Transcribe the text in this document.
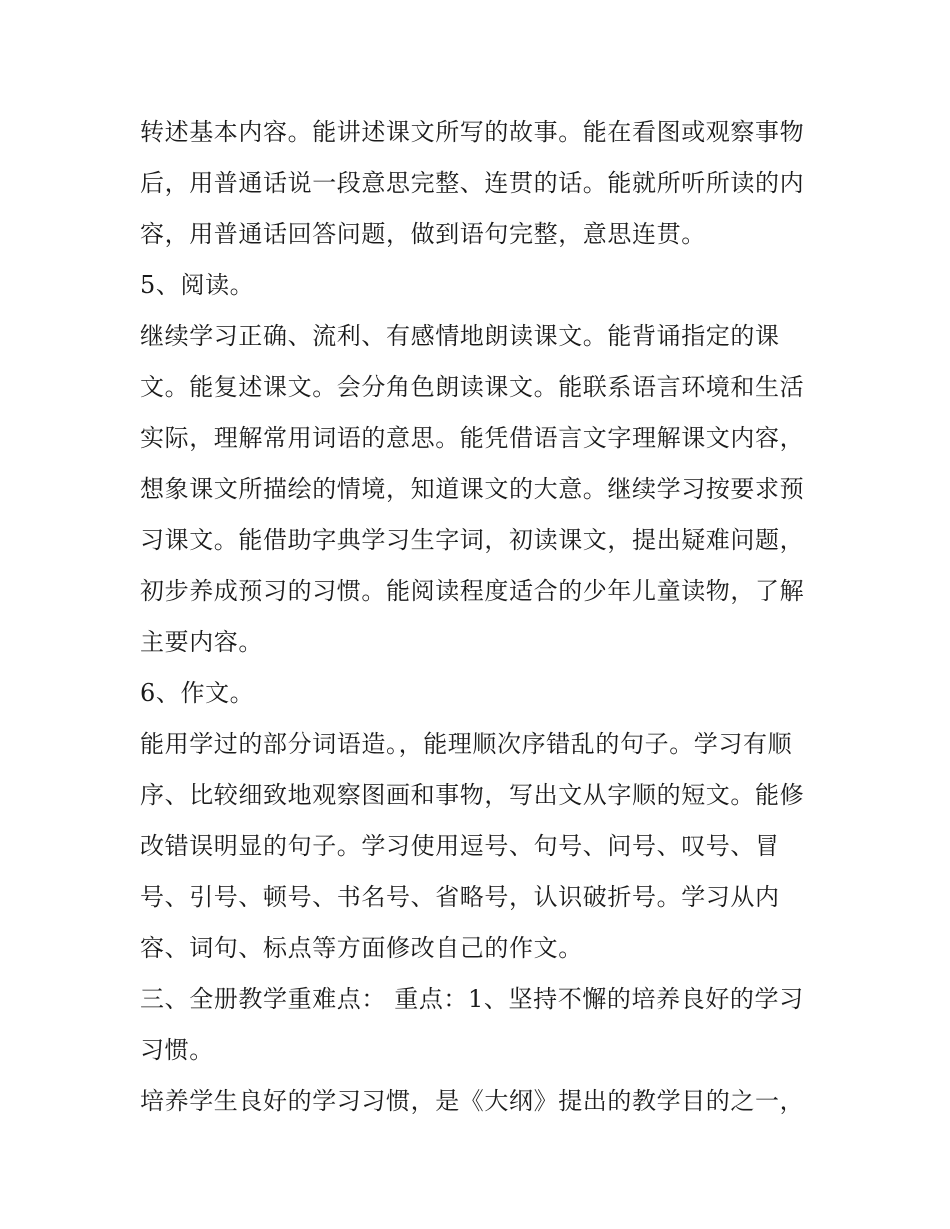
转述基本内容。能讲述课文所写的故事。能在看图或观察事物
后，用普通话说一段意思完整、连贯的话。能就所听所读的内
容，用普通话回答问题，做到语句完整，意思连贯。
5、阅读。
继续学习正确、流利、有感情地朗读课文。能背诵指定的课
文。能复述课文。会分角色朗读课文。能联系语言环境和生活
实际，理解常用词语的意思。能凭借语言文字理解课文内容，
想象课文所描绘的情境，知道课文的大意。继续学习按要求预
习课文。能借助字典学习生字词，初读课文，提出疑难问题，
初步养成预习的习惯。能阅读程度适合的少年儿童读物，了解
主要内容。
6、作文。
能用学过的部分词语造。，能理顺次序错乱的句子。学习有顺
序、比较细致地观察图画和事物，写出文从字顺的短文。能修
改错误明显的句子。学习使用逗号、句号、问号、叹号、冒
号、引号、顿号、书名号、省略号，认识破折号。学习从内
容、词句、标点等方面修改自己的作文。
三、全册教学重难点： 重点：1、坚持不懈的培养良好的学习
习惯。
培养学生良好的学习习惯，是《大纲》提出的教学目的之一，
